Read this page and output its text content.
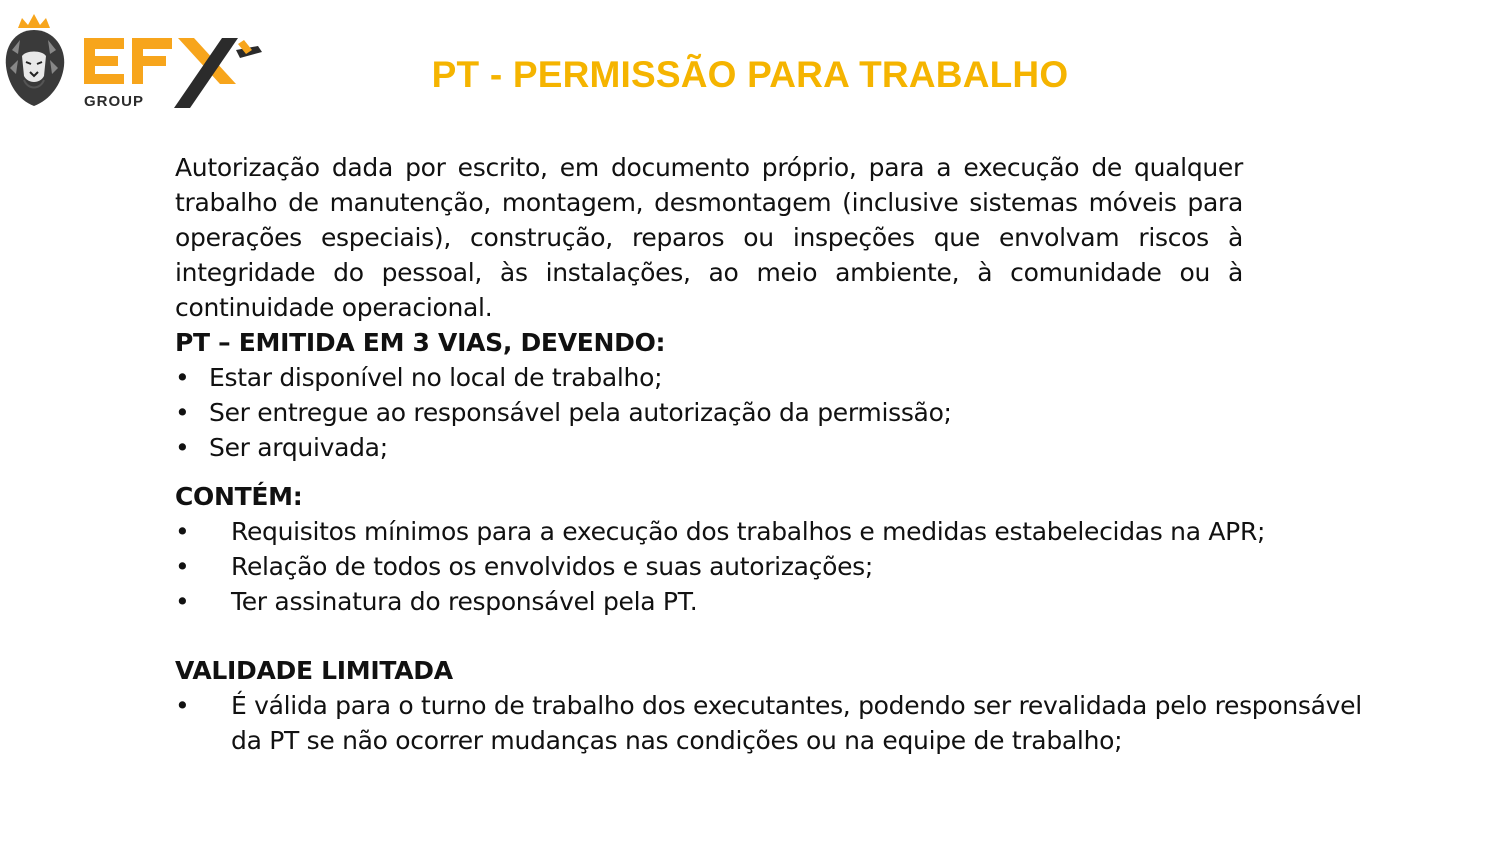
GROUP
PT - PERMISSÃO PARA TRABALHO

Autorização dada por escrito, em documento próprio, para a execução de qualquer trabalho de manutenção, montagem, desmontagem (inclusive sistemas móveis para operações especiais), construção, reparos ou inspeções que envolvam riscos à integridade do pessoal, às instalações, ao meio ambiente, à comunidade ou à continuidade operacional.

PT – EMITIDA EM 3 VIAS, DEVENDO:

• Estar disponível no local de trabalho;
• Ser entregue ao responsável pela autorização da permissão;
• Ser arquivada;

CONTÉM:

• Requisitos mínimos para a execução dos trabalhos e medidas estabelecidas na APR;
• Relação de todos os envolvidos e suas autorizações;
• Ter assinatura do responsável pela PT.

VALIDADE LIMITADA

• É válida para o turno de trabalho dos executantes, podendo ser revalidada pelo responsável da PT se não ocorrer mudanças nas condições ou na equipe de trabalho;
